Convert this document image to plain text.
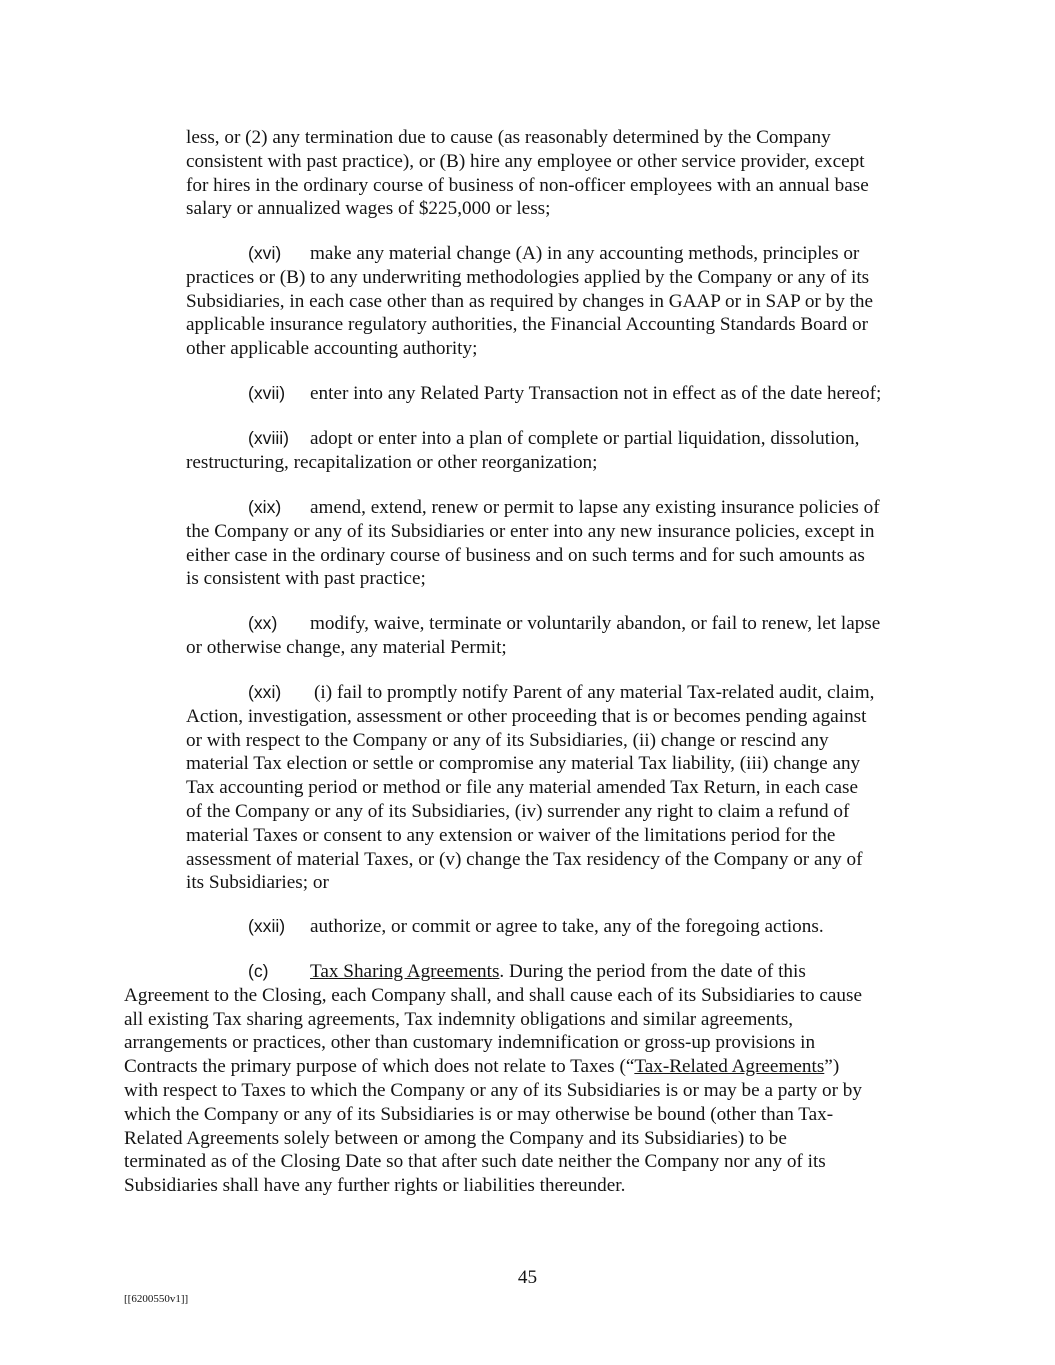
less, or (2) any termination due to cause (as reasonably determined by the Company
consistent with past practice), or (B) hire any employee or other service provider, except
for hires in the ordinary course of business of non-officer employees with an annual base
salary or annualized wages of $225,000 or less;
(xvi) make any material change (A) in any accounting methods, principles or
practices or (B) to any underwriting methodologies applied by the Company or any of its
Subsidiaries, in each case other than as required by changes in GAAP or in SAP or by the
applicable insurance regulatory authorities, the Financial Accounting Standards Board or
other applicable accounting authority;
(xvii) enter into any Related Party Transaction not in effect as of the date hereof;
(xviii) adopt or enter into a plan of complete or partial liquidation, dissolution,
restructuring, recapitalization or other reorganization;
(xix) amend, extend, renew or permit to lapse any existing insurance policies of
the Company or any of its Subsidiaries or enter into any new insurance policies, except in
either case in the ordinary course of business and on such terms and for such amounts as
is consistent with past practice;
(xx) modify, waive, terminate or voluntarily abandon, or fail to renew, let lapse
or otherwise change, any material Permit;
(xxi) (i) fail to promptly notify Parent of any material Tax-related audit, claim,
Action, investigation, assessment or other proceeding that is or becomes pending against
or with respect to the Company or any of its Subsidiaries, (ii) change or rescind any
material Tax election or settle or compromise any material Tax liability, (iii) change any
Tax accounting period or method or file any material amended Tax Return, in each case
of the Company or any of its Subsidiaries, (iv) surrender any right to claim a refund of
material Taxes or consent to any extension or waiver of the limitations period for the
assessment of material Taxes, or (v) change the Tax residency of the Company or any of
its Subsidiaries; or
(xxii) authorize, or commit or agree to take, any of the foregoing actions.
(c) Tax Sharing Agreements. During the period from the date of this
Agreement to the Closing, each Company shall, and shall cause each of its Subsidiaries to cause
all existing Tax sharing agreements, Tax indemnity obligations and similar agreements,
arrangements or practices, other than customary indemnification or gross-up provisions in
Contracts the primary purpose of which does not relate to Taxes (“Tax-Related Agreements”)
with respect to Taxes to which the Company or any of its Subsidiaries is or may be a party or by
which the Company or any of its Subsidiaries is or may otherwise be bound (other than Tax-
Related Agreements solely between or among the Company and its Subsidiaries) to be
terminated as of the Closing Date so that after such date neither the Company nor any of its
Subsidiaries shall have any further rights or liabilities thereunder.
45
[[6200550v1]]
